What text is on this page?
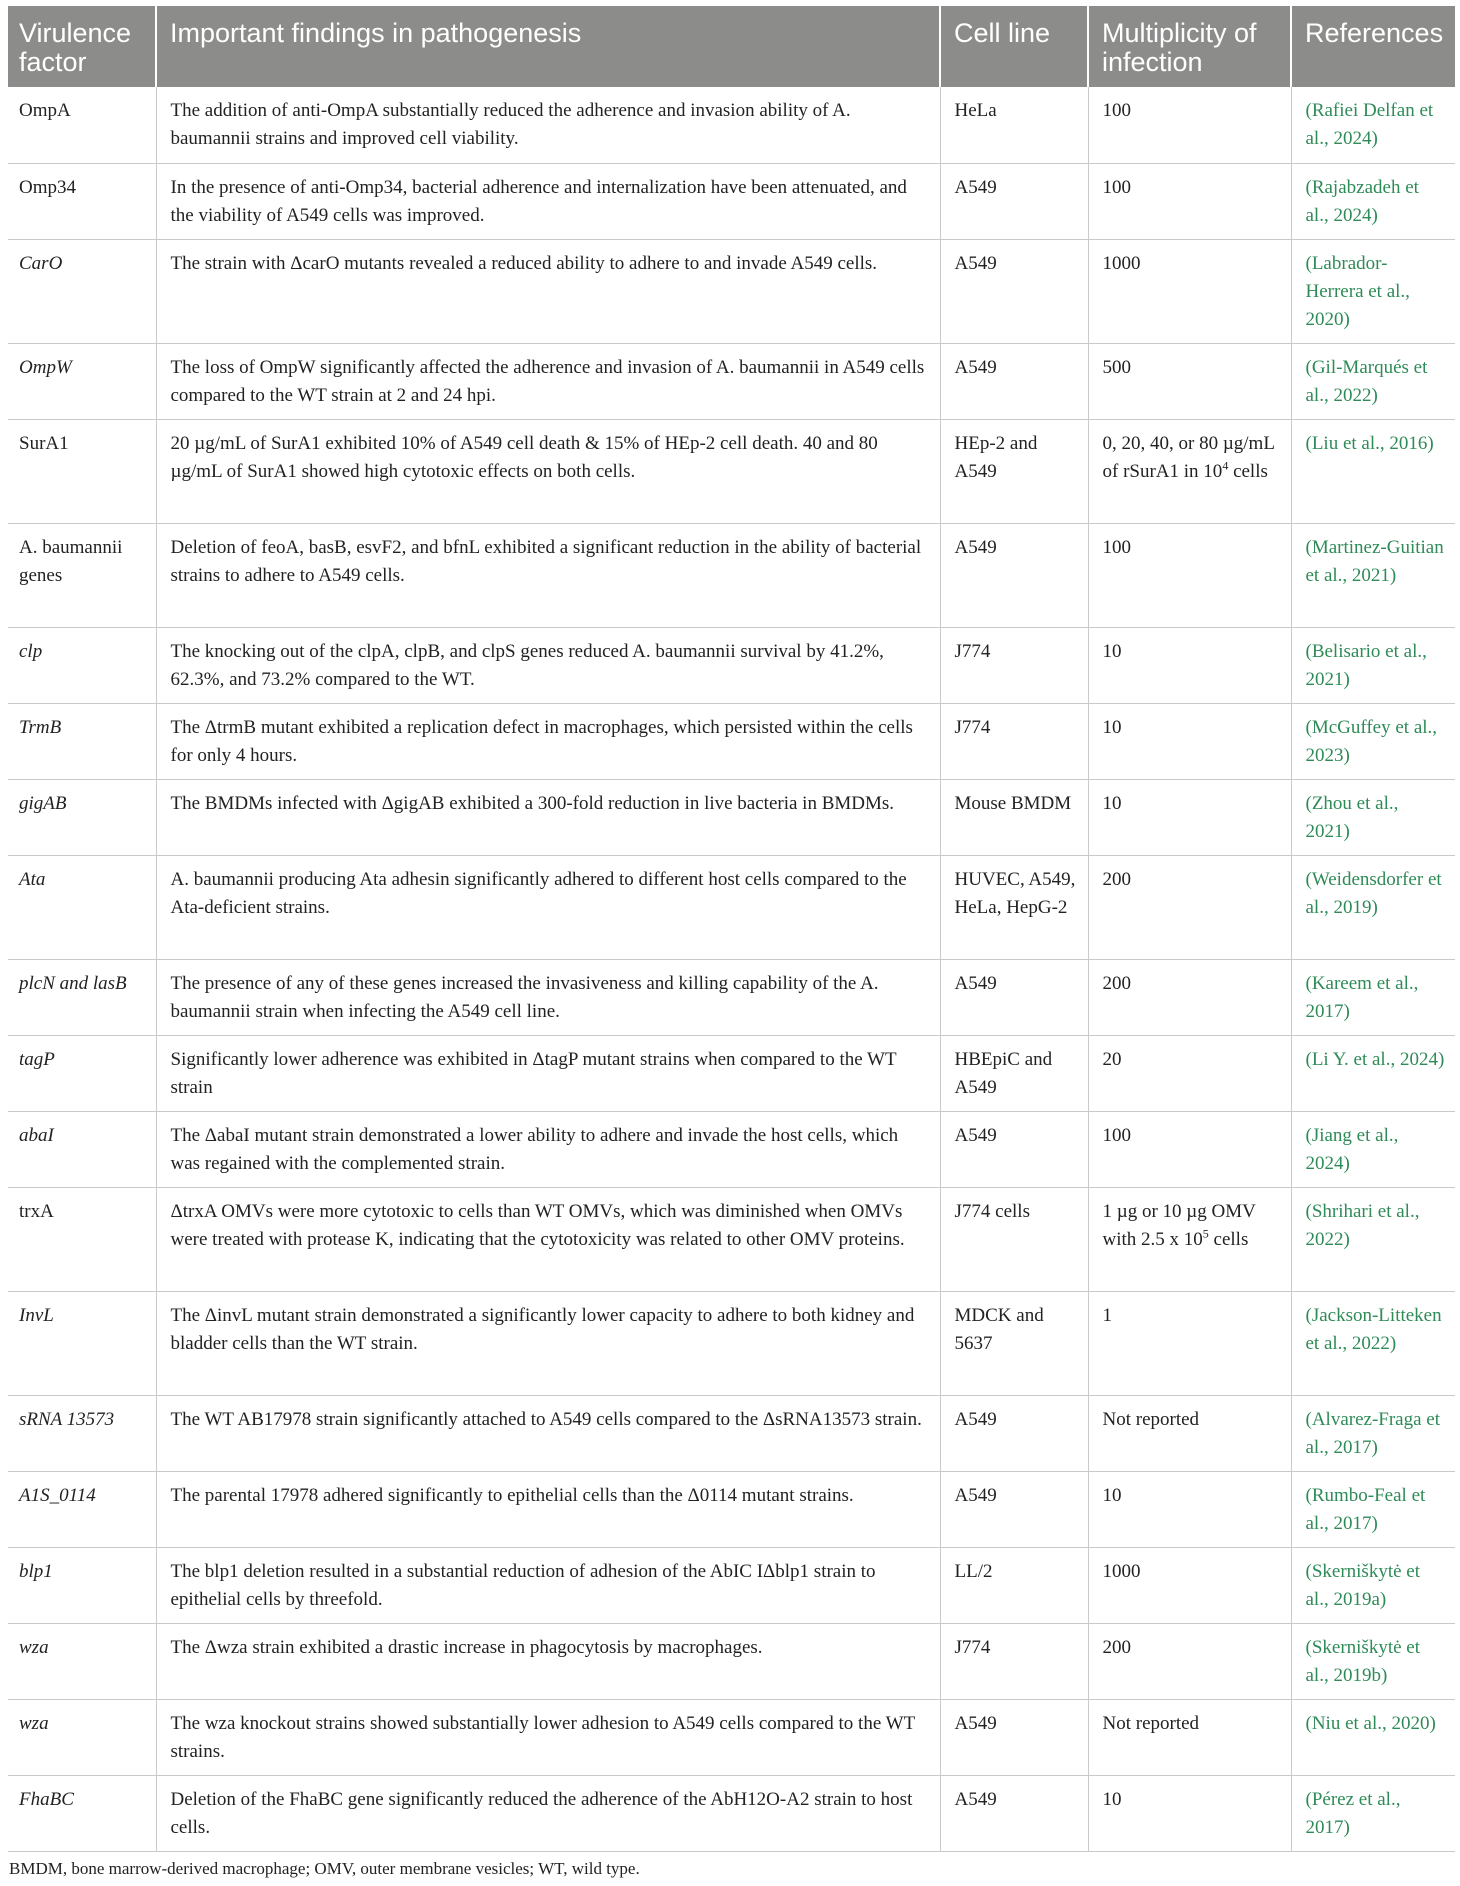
Virulence factor	Important findings in pathogenesis	Cell line	Multiplicity of infection	References
OmpA	The addition of anti-OmpA substantially reduced the adherence and invasion ability of A. baumannii strains and improved cell viability.	HeLa	100	(Rafiei Delfan et al., 2024)
Omp34	In the presence of anti-Omp34, bacterial adherence and internalization have been attenuated, and the viability of A549 cells was improved.	A549	100	(Rajabzadeh et al., 2024)
CarO	The strain with ΔcarO mutants revealed a reduced ability to adhere to and invade A549 cells.	A549	1000	(Labrador-Herrera et al., 2020)
OmpW	The loss of OmpW significantly affected the adherence and invasion of A. baumannii in A549 cells compared to the WT strain at 2 and 24 hpi.	A549	500	(Gil-Marqués et al., 2022)
SurA1	20 µg/mL of SurA1 exhibited 10% of A549 cell death & 15% of HEp-2 cell death. 40 and 80 µg/mL of SurA1 showed high cytotoxic effects on both cells.	HEp-2 and A549	0, 20, 40, or 80 µg/mL of rSurA1 in $10^4$ cells	(Liu et al., 2016)
A. baumannii genes	Deletion of feoA, basB, esvF2, and bfnL exhibited a significant reduction in the ability of bacterial strains to adhere to A549 cells.	A549	100	(Martinez-Guitian et al., 2021)
clp	The knocking out of the clpA, clpB, and clpS genes reduced A. baumannii survival by 41.2%, 62.3%, and 73.2% compared to the WT.	J774	10	(Belisario et al., 2021)
TrmB	The ΔtrmB mutant exhibited a replication defect in macrophages, which persisted within the cells for only 4 hours.	J774	10	(McGuffey et al., 2023)
gigAB	The BMDMs infected with ΔgigAB exhibited a 300-fold reduction in live bacteria in BMDMs.	Mouse BMDM	10	(Zhou et al., 2021)
Ata	A. baumannii producing Ata adhesin significantly adhered to different host cells compared to the Ata-deficient strains.	HUVEC, A549, HeLa, HepG-2	200	(Weidensdorfer et al., 2019)
plcN and lasB	The presence of any of these genes increased the invasiveness and killing capability of the A. baumannii strain when infecting the A549 cell line.	A549	200	(Kareem et al., 2017)
tagP	Significantly lower adherence was exhibited in ΔtagP mutant strains when compared to the WT strain	HBEpiC and A549	20	(Li Y. et al., 2024)
abaI	The ΔabaI mutant strain demonstrated a lower ability to adhere and invade the host cells, which was regained with the complemented strain.	A549	100	(Jiang et al., 2024)
trxA	ΔtrxA OMVs were more cytotoxic to cells than WT OMVs, which was diminished when OMVs were treated with protease K, indicating that the cytotoxicity was related to other OMV proteins.	J774 cells	1 µg or 10 µg OMV with 2.5 x $10^5$ cells	(Shrihari et al., 2022)
InvL	The ΔinvL mutant strain demonstrated a significantly lower capacity to adhere to both kidney and bladder cells than the WT strain.	MDCK and 5637	1	(Jackson-Litteken et al., 2022)
sRNA 13573	The WT AB17978 strain significantly attached to A549 cells compared to the ΔsRNA13573 strain.	A549	Not reported	(Alvarez-Fraga et al., 2017)
A1S_0114	The parental 17978 adhered significantly to epithelial cells than the Δ0114 mutant strains.	A549	10	(Rumbo-Feal et al., 2017)
blp1	The blp1 deletion resulted in a substantial reduction of adhesion of the AbIC IΔblp1 strain to epithelial cells by threefold.	LL/2	1000	(Skerniškytė et al., 2019a)
wza	The Δwza strain exhibited a drastic increase in phagocytosis by macrophages.	J774	200	(Skerniškytė et al., 2019b)
wza	The wza knockout strains showed substantially lower adhesion to A549 cells compared to the WT strains.	A549	Not reported	(Niu et al., 2020)
FhaBC	Deletion of the FhaBC gene significantly reduced the adherence of the AbH12O-A2 strain to host cells.	A549	10	(Pérez et al., 2017)
BMDM, bone marrow-derived macrophage; OMV, outer membrane vesicles; WT, wild type.
